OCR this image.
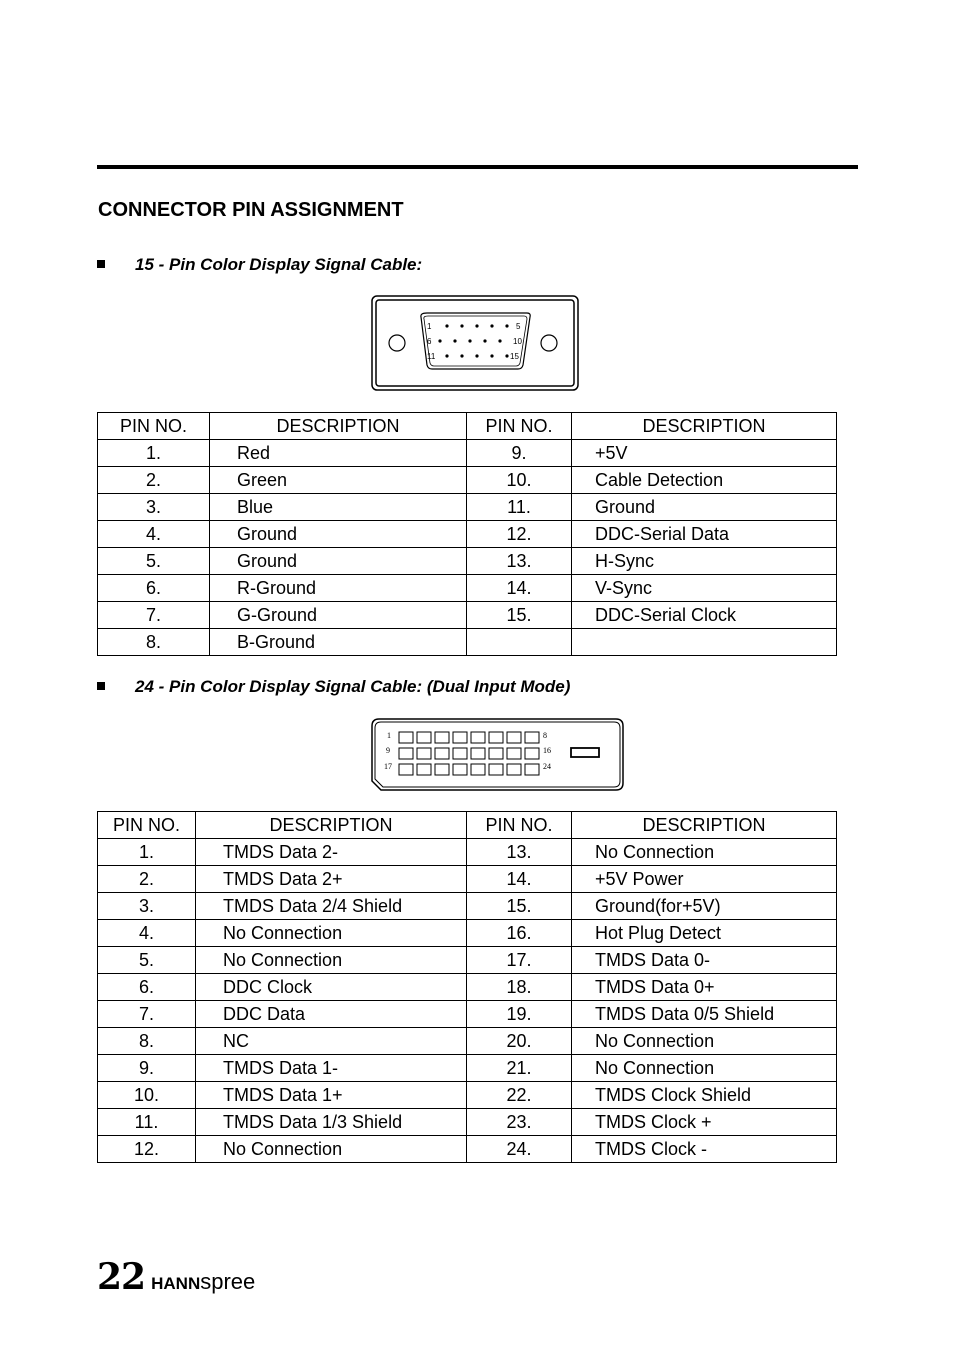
CONNECTOR PIN ASSIGNMENT
15 - Pin Color Display Signal Cable:
1	5
6	10
11	15
PIN NO.	DESCRIPTION	PIN NO.	DESCRIPTION
1.	Red	9.	+5V
2.	Green	10.	Cable Detection
3.	Blue	11.	Ground
4.	Ground	12.	DDC-Serial Data
5.	Ground	13.	H-Sync
6.	R-Ground	14.	V-Sync
7.	G-Ground	15.	DDC-Serial Clock
8.	B-Ground		
24 - Pin Color Display Signal Cable: (Dual Input Mode)
1	8
9	16
17	24
PIN NO.	DESCRIPTION	PIN NO.	DESCRIPTION
1.	TMDS Data 2-	13.	No Connection
2.	TMDS Data 2+	14.	+5V Power
3.	TMDS Data 2/4 Shield	15.	Ground(for+5V)
4.	No Connection	16.	Hot Plug Detect
5.	No Connection	17.	TMDS Data 0-
6.	DDC Clock	18.	TMDS Data 0+
7.	DDC Data	19.	TMDS Data 0/5 Shield
8.	NC	20.	No Connection
9.	TMDS Data 1-	21.	No Connection
10.	TMDS Data 1+	22.	TMDS Clock Shield
11.	TMDS Data 1/3 Shield	23.	TMDS Clock +
12.	No Connection	24.	TMDS Clock -
22 HANNspree
